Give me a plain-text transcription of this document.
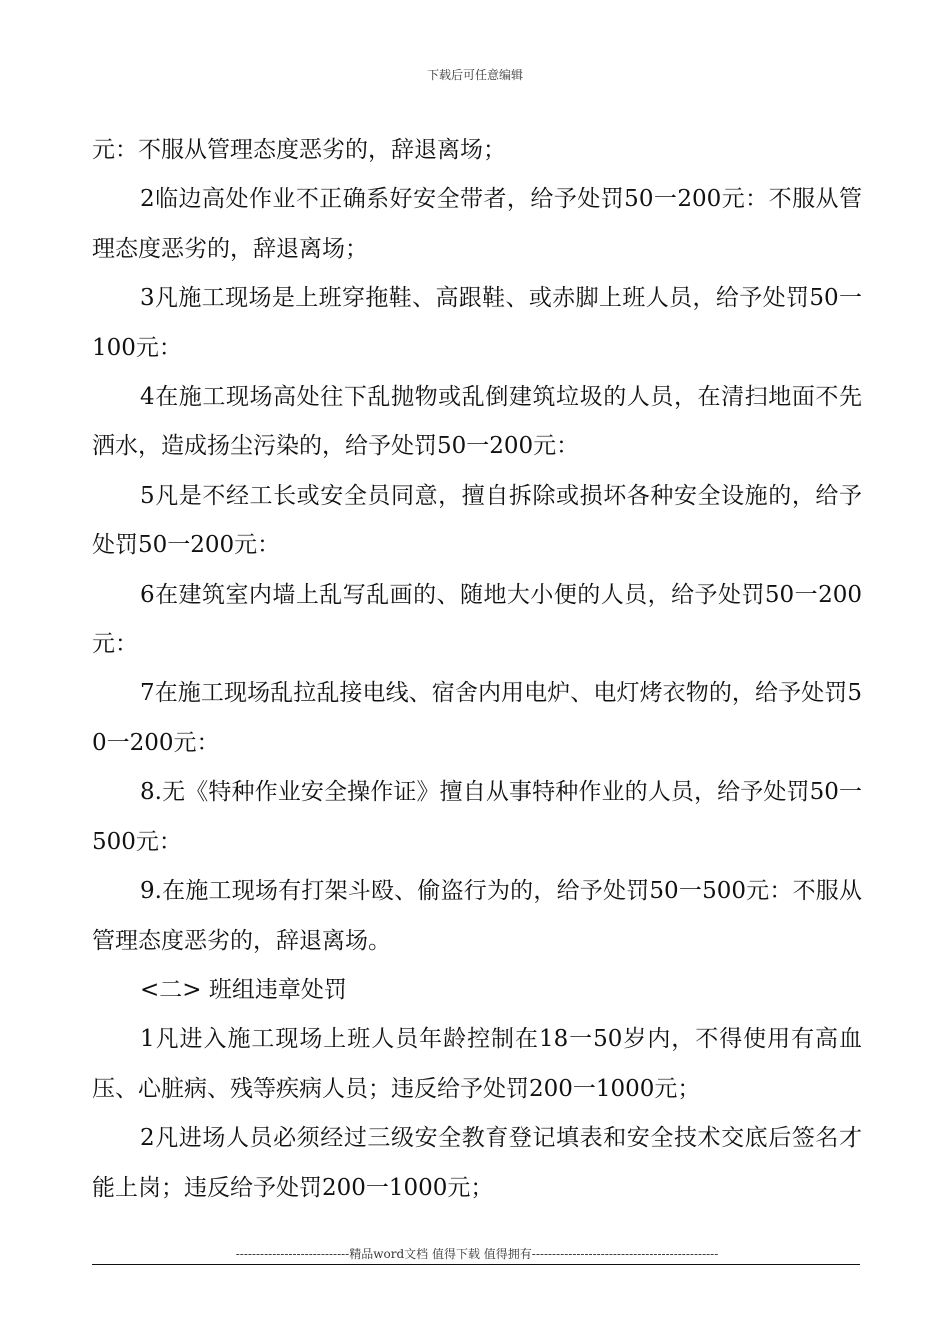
下载后可任意编辑

元：不服从管理态度恶劣的，辞退离场；

2临边高处作业不正确系好安全带者，给予处罚50一200元：不服从管理态度恶劣的，辞退离场；

3凡施工现场是上班穿拖鞋、高跟鞋、或赤脚上班人员，给予处罚50一100元：

4在施工现场高处往下乱抛物或乱倒建筑垃圾的人员，在清扫地面不先洒水，造成扬尘污染的，给予处罚50一200元：

5凡是不经工长或安全员同意，擅自拆除或损坏各种安全设施的，给予处罚50一200元：

6在建筑室内墙上乱写乱画的、随地大小便的人员，给予处罚50一200元：

7在施工现场乱拉乱接电线、宿舍内用电炉、电灯烤衣物的，给予处罚50一200元：

8.无《特种作业安全操作证》擅自从事特种作业的人员，给予处罚50一500元：

9.在施工现场有打架斗殴、偷盗行为的，给予处罚50一500元：不服从管理态度恶劣的，辞退离场。

<二> 班组违章处罚

1凡进入施工现场上班人员年龄控制在18一50岁内，不得使用有高血压、心脏病、残等疾病人员；违反给予处罚200一1000元；

2凡进场人员必须经过三级安全教育登记填表和安全技术交底后签名才能上岗；违反给予处罚200一1000元；

----------------------------精品word文档 值得下载 值得拥有----------------------------------------------
